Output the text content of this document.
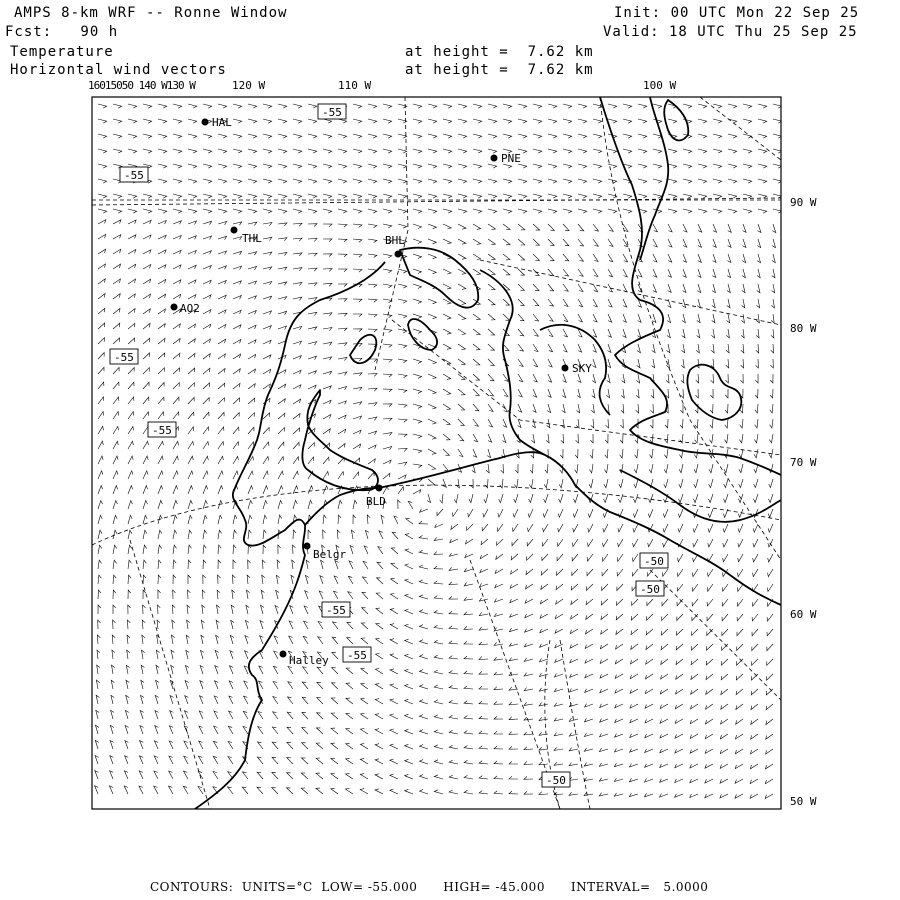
AMPS 8-km WRF -- Ronne Window
Fcst:   90 h
Temperature
Horizontal wind vectors
at height =  7.62 km
at height =  7.62 km
Init: 00 UTC Mon 22 Sep 25
Valid: 18 UTC Thu 25 Sep 25
16015050 140 W130 W	120 W	110 W	100 W
90 W
80 W
70 W
60 W
50 W
HAL
PNE
THL	BHL
AO2
SKY
BLD
Belgr
Halley
-55
-55
-55
-55
-55
-55
-50
-50
-50
CONTOURS:  UNITS=°C  LOW= -55.000      HIGH= -45.000      INTERVAL=   5.0000
